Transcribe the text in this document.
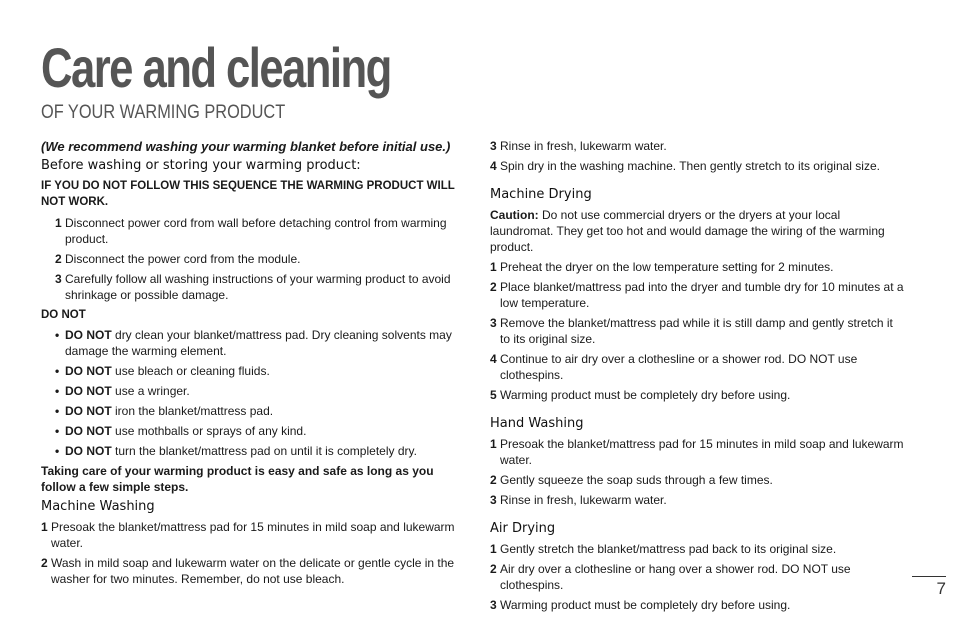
Care and cleaning
OF YOUR WARMING PRODUCT

(We recommend washing your warming blanket before initial use.)

Before washing or storing your warming product:

IF YOU DO NOT FOLLOW THIS SEQUENCE THE WARMING PRODUCT WILL NOT WORK.

1 Disconnect power cord from wall before detaching control from warming product.
2 Disconnect the power cord from the module.
3 Carefully follow all washing instructions of your warming product to avoid shrinkage or possible damage.

DO NOT

• DO NOT dry clean your blanket/mattress pad. Dry cleaning solvents may damage the warming element.
• DO NOT use bleach or cleaning fluids.
• DO NOT use a wringer.
• DO NOT iron the blanket/mattress pad.
• DO NOT use mothballs or sprays of any kind.
• DO NOT turn the blanket/mattress pad on until it is completely dry.

Taking care of your warming product is easy and safe as long as you follow a few simple steps.

Machine Washing

1 Presoak the blanket/mattress pad for 15 minutes in mild soap and lukewarm water.
2 Wash in mild soap and lukewarm water on the delicate or gentle cycle in the washer for two minutes. Remember, do not use bleach.
3 Rinse in fresh, lukewarm water.
4 Spin dry in the washing machine. Then gently stretch to its original size.

Machine Drying

Caution: Do not use commercial dryers or the dryers at your local laundromat. They get too hot and would damage the wiring of the warming product.

1 Preheat the dryer on the low temperature setting for 2 minutes.
2 Place blanket/mattress pad into the dryer and tumble dry for 10 minutes at a low temperature.
3 Remove the blanket/mattress pad while it is still damp and gently stretch it to its original size.
4 Continue to air dry over a clothesline or a shower rod. DO NOT use clothespins.
5 Warming product must be completely dry before using.

Hand Washing

1 Presoak the blanket/mattress pad for 15 minutes in mild soap and lukewarm water.
2 Gently squeeze the soap suds through a few times.
3 Rinse in fresh, lukewarm water.

Air Drying

1 Gently stretch the blanket/mattress pad back to its original size.
2 Air dry over a clothesline or hang over a shower rod. DO NOT use clothespins.
3 Warming product must be completely dry before using.
7
